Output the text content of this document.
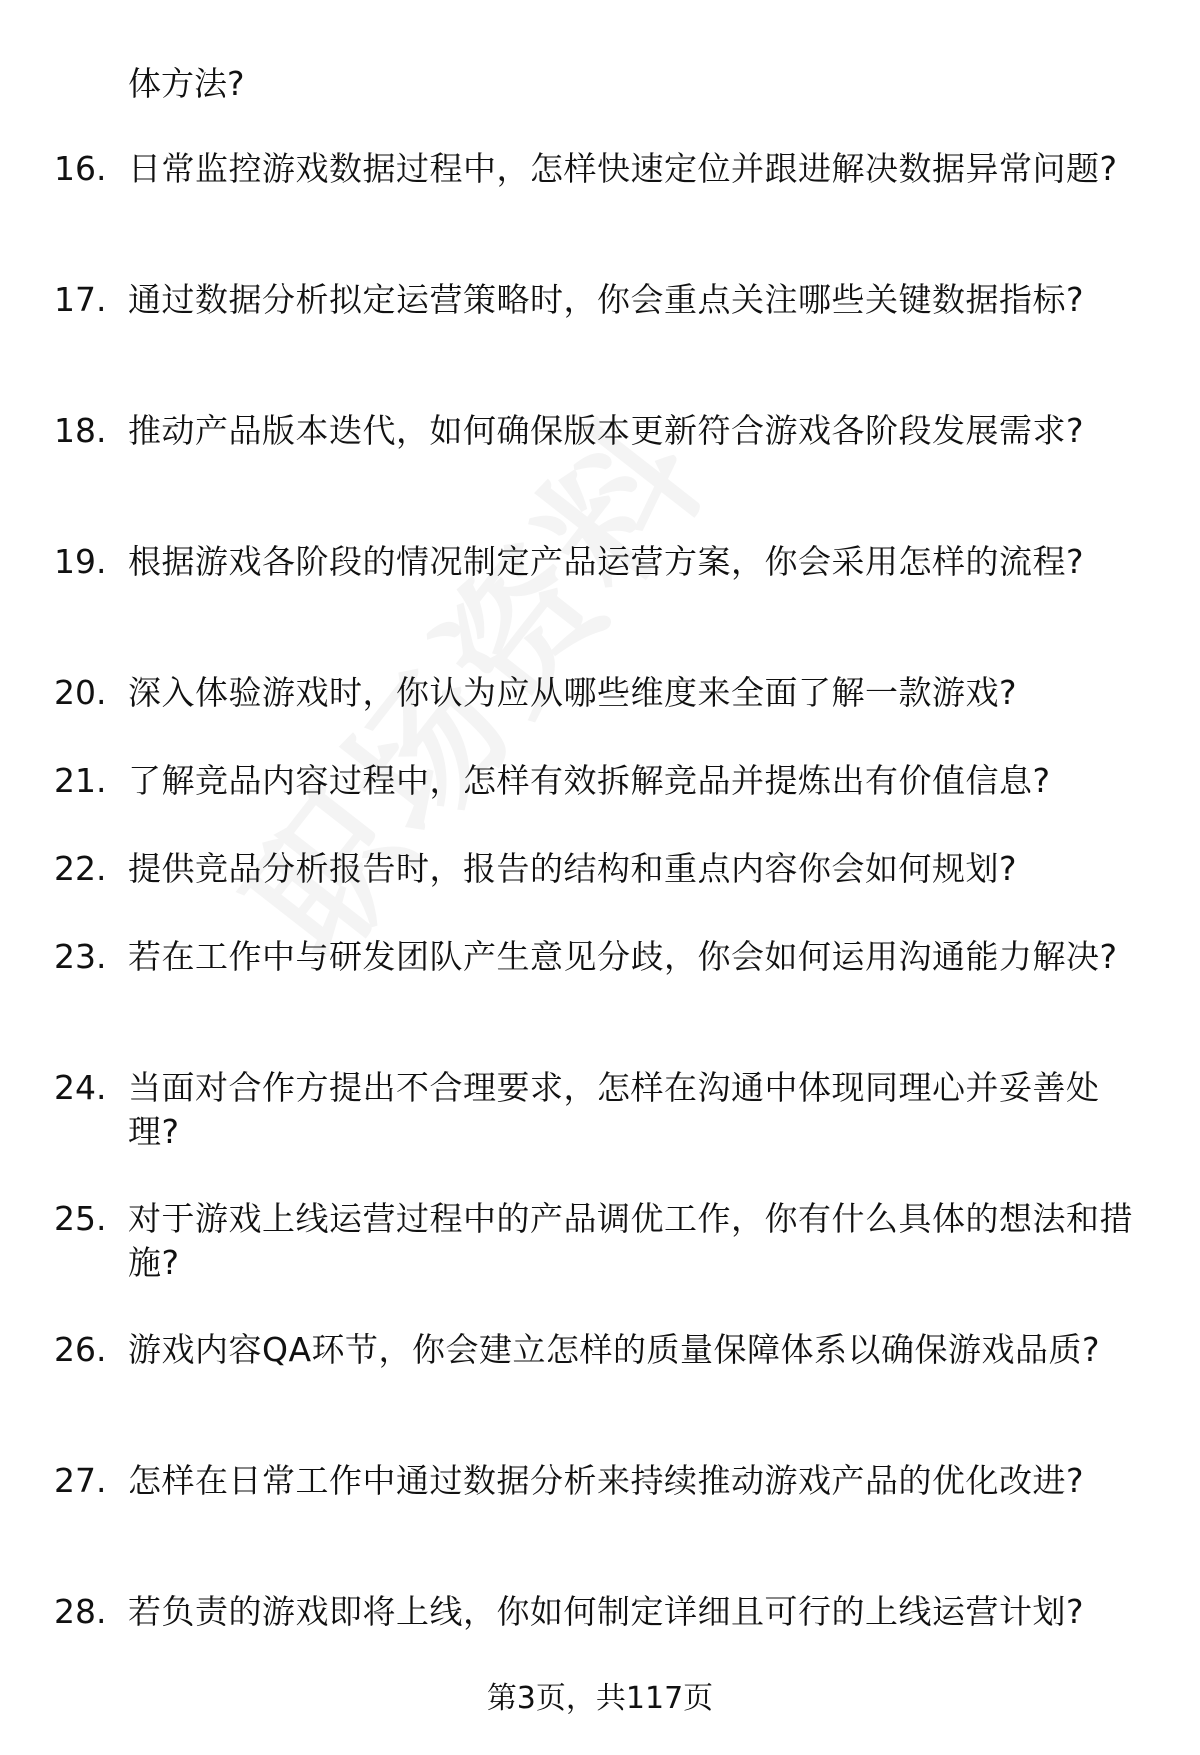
体方法?
16. 日常监控游戏数据过程中，怎样快速定位并跟进解决数据异常问题?
17. 通过数据分析拟定运营策略时，你会重点关注哪些关键数据指标?
18. 推动产品版本迭代，如何确保版本更新符合游戏各阶段发展需求?
19. 根据游戏各阶段的情况制定产品运营方案，你会采用怎样的流程?
20. 深入体验游戏时，你认为应从哪些维度来全面了解一款游戏?
21. 了解竞品内容过程中，怎样有效拆解竞品并提炼出有价值信息?
22. 提供竞品分析报告时，报告的结构和重点内容你会如何规划?
23. 若在工作中与研发团队产生意见分歧，你会如何运用沟通能力解决?
24. 当面对合作方提出不合理要求，怎样在沟通中体现同理心并妥善处理?
25. 对于游戏上线运营过程中的产品调优工作，你有什么具体的想法和措施?
26. 游戏内容QA环节，你会建立怎样的质量保障体系以确保游戏品质?
27. 怎样在日常工作中通过数据分析来持续推动游戏产品的优化改进?
28. 若负责的游戏即将上线，你如何制定详细且可行的上线运营计划?
第3页，共117页
